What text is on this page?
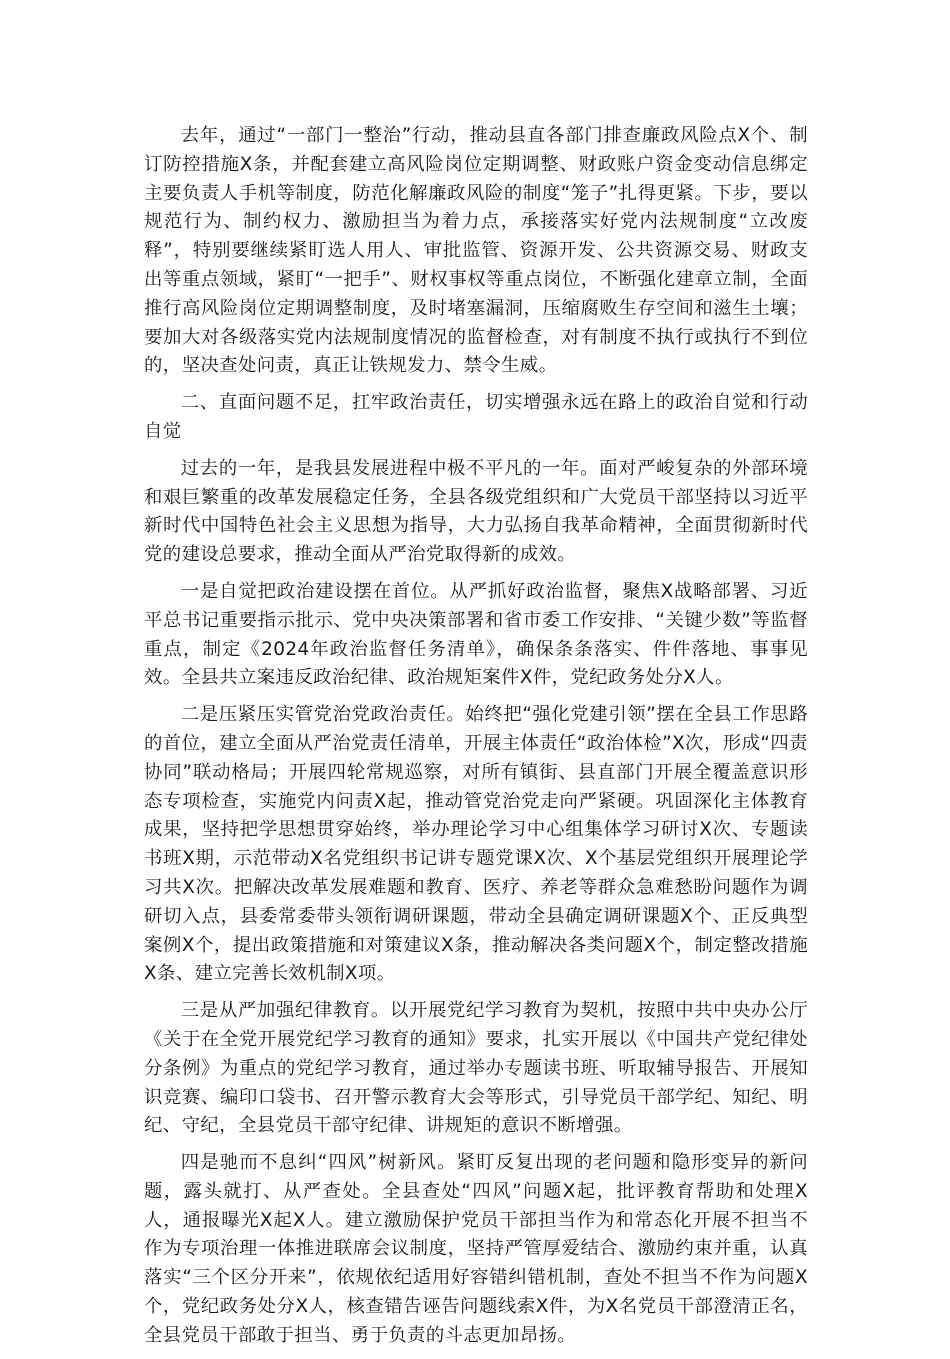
去年，通过“一部门一整治”行动，推动县直各部门排查廉政风险点X个、制订防控措施X条，并配套建立高风险岗位定期调整、财政账户资金变动信息绑定主要负责人手机等制度，防范化解廉政风险的制度“笼子”扎得更紧。下步，要以规范行为、制约权力、激励担当为着力点，承接落实好党内法规制度“立改废释”，特别要继续紧盯选人用人、审批监管、资源开发、公共资源交易、财政支出等重点领域，紧盯“一把手”、财权事权等重点岗位，不断强化建章立制，全面推行高风险岗位定期调整制度，及时堵塞漏洞，压缩腐败生存空间和滋生土壤；要加大对各级落实党内法规制度情况的监督检查，对有制度不执行或执行不到位的，坚决查处问责，真正让铁规发力、禁令生威。

二、直面问题不足，扛牢政治责任，切实增强永远在路上的政治自觉和行动自觉

过去的一年，是我县发展进程中极不平凡的一年。面对严峻复杂的外部环境和艰巨繁重的改革发展稳定任务，全县各级党组织和广大党员干部坚持以习近平新时代中国特色社会主义思想为指导，大力弘扬自我革命精神，全面贯彻新时代党的建设总要求，推动全面从严治党取得新的成效。

一是自觉把政治建设摆在首位。从严抓好政治监督，聚焦X战略部署、习近平总书记重要指示批示、党中央决策部署和省市委工作安排、“关键少数”等监督重点，制定《2024年政治监督任务清单》，确保条条落实、件件落地、事事见效。全县共立案违反政治纪律、政治规矩案件X件，党纪政务处分X人。

二是压紧压实管党治党政治责任。始终把“强化党建引领”摆在全县工作思路的首位，建立全面从严治党责任清单，开展主体责任“政治体检”X次，形成“四责协同”联动格局；开展四轮常规巡察，对所有镇街、县直部门开展全覆盖意识形态专项检查，实施党内问责X起，推动管党治党走向严紧硬。巩固深化主体教育成果，坚持把学思想贯穿始终，举办理论学习中心组集体学习研讨X次、专题读书班X期，示范带动X名党组织书记讲专题党课X次、X个基层党组织开展理论学习共X次。把解决改革发展难题和教育、医疗、养老等群众急难愁盼问题作为调研切入点，县委常委带头领衔调研课题，带动全县确定调研课题X个、正反典型案例X个，提出政策措施和对策建议X条，推动解决各类问题X个，制定整改措施X条、建立完善长效机制X项。

三是从严加强纪律教育。以开展党纪学习教育为契机，按照中共中央办公厅《关于在全党开展党纪学习教育的通知》要求，扎实开展以《中国共产党纪律处分条例》为重点的党纪学习教育，通过举办专题读书班、听取辅导报告、开展知识竞赛、编印口袋书、召开警示教育大会等形式，引导党员干部学纪、知纪、明纪、守纪，全县党员干部守纪律、讲规矩的意识不断增强。

四是驰而不息纠“四风”树新风。紧盯反复出现的老问题和隐形变异的新问题，露头就打、从严查处。全县查处“四风”问题X起，批评教育帮助和处理X人，通报曝光X起X人。建立激励保护党员干部担当作为和常态化开展不担当不作为专项治理一体推进联席会议制度，坚持严管厚爱结合、激励约束并重，认真落实“三个区分开来”，依规依纪适用好容错纠错机制，查处不担当不作为问题X个，党纪政务处分X人，核查错告诬告问题线索X件，为X名党员干部澄清正名，全县党员干部敢于担当、勇于负责的斗志更加昂扬。
